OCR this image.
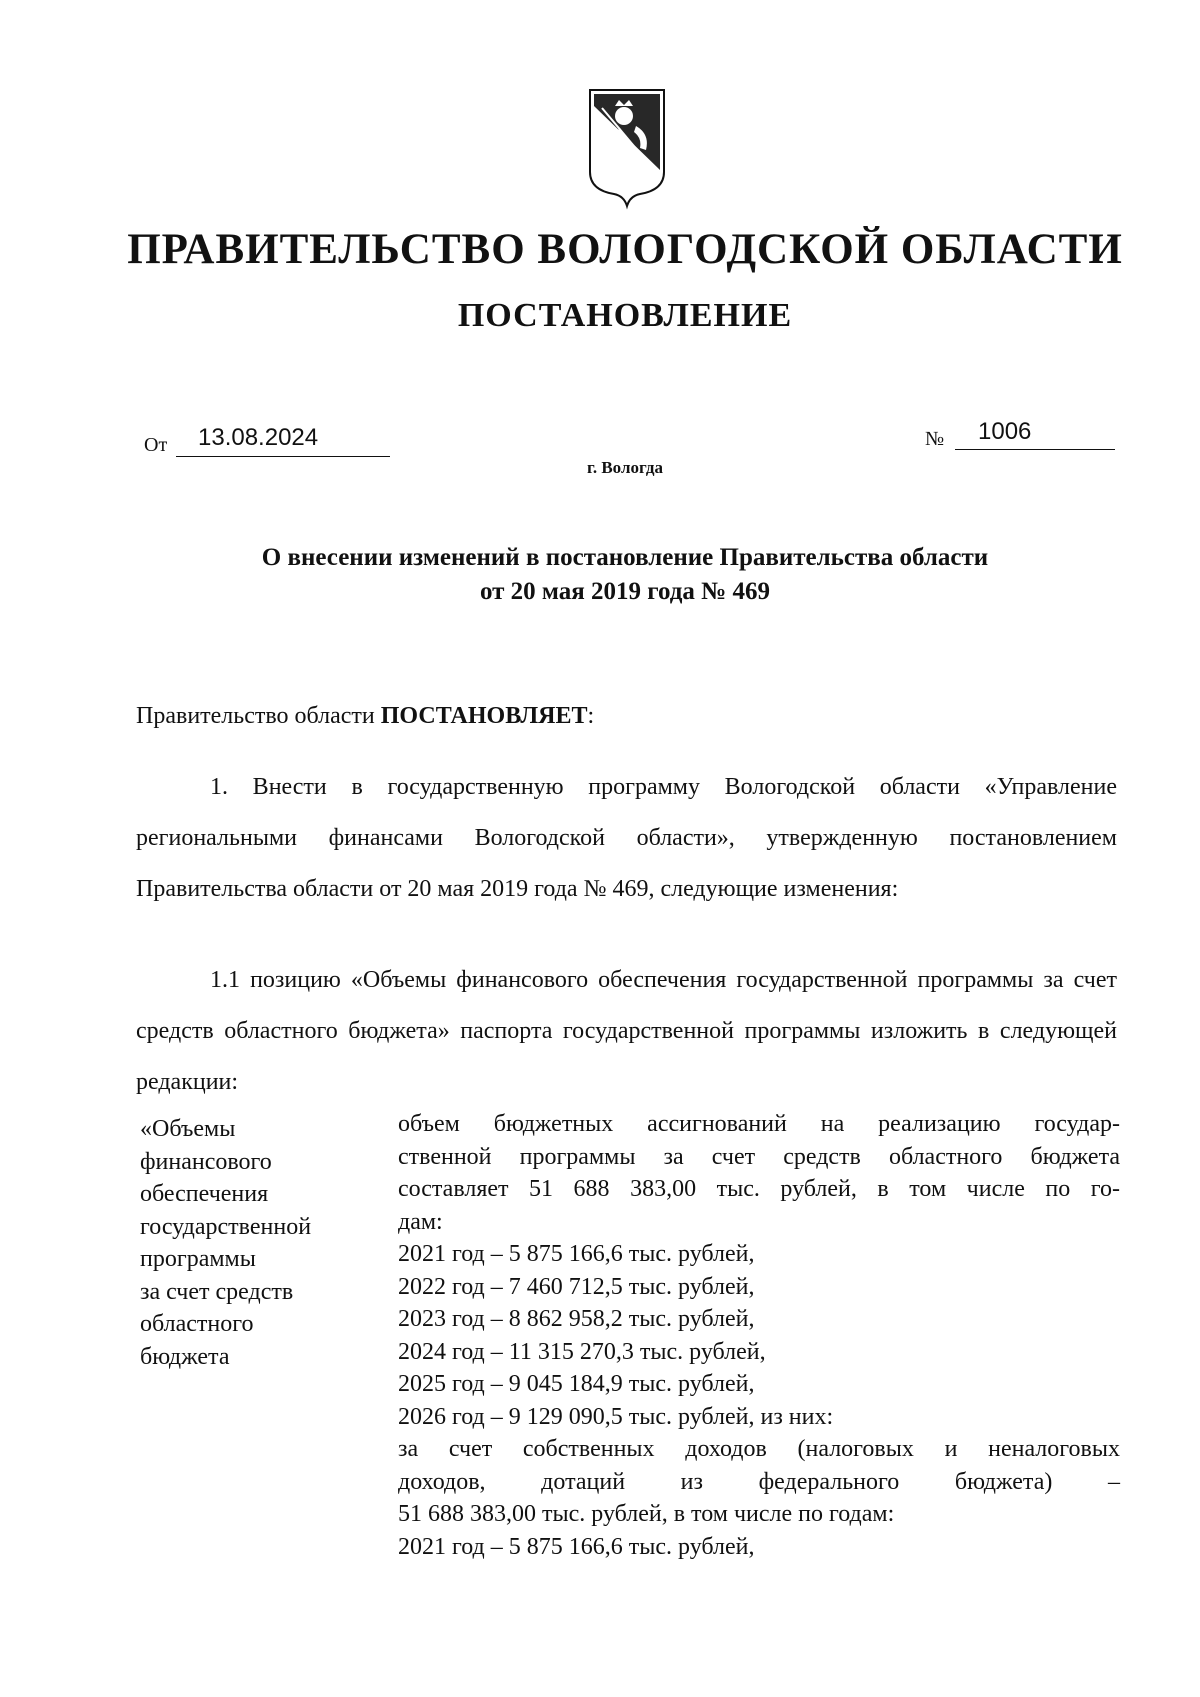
ПРАВИТЕЛЬСТВО ВОЛОГОДСКОЙ ОБЛАСТИ
ПОСТАНОВЛЕНИЕ
От 13.08.2024	№ 1006
г. Вологда
О внесении изменений в постановление Правительства области
от 20 мая 2019 года № 469
Правительство области ПОСТАНОВЛЯЕТ:
1. Внести в государственную программу Вологодской области «Управление региональными финансами Вологодской области», утвержденную постановлением Правительства области от 20 мая 2019 года № 469, следующие изменения:
1.1 позицию «Объемы финансового обеспечения государственной программы за счет средств областного бюджета» паспорта государственной программы изложить в следующей редакции:
«Объемы
финансового
обеспечения
государственной
программы
за счет средств
областного
бюджета
объем бюджетных ассигнований на реализацию государ-
ственной программы за счет средств областного бюджета
составляет 51 688 383,00 тыс. рублей, в том числе по го-
дам:
2021 год – 5 875 166,6 тыс. рублей,
2022 год – 7 460 712,5 тыс. рублей,
2023 год – 8 862 958,2 тыс. рублей,
2024 год – 11 315 270,3 тыс. рублей,
2025 год – 9 045 184,9 тыс. рублей,
2026 год – 9 129 090,5 тыс. рублей, из них:
за счет собственных доходов (налоговых и неналоговых
доходов, дотаций из федерального бюджета) –
51 688 383,00 тыс. рублей, в том числе по годам:
2021 год – 5 875 166,6 тыс. рублей,
